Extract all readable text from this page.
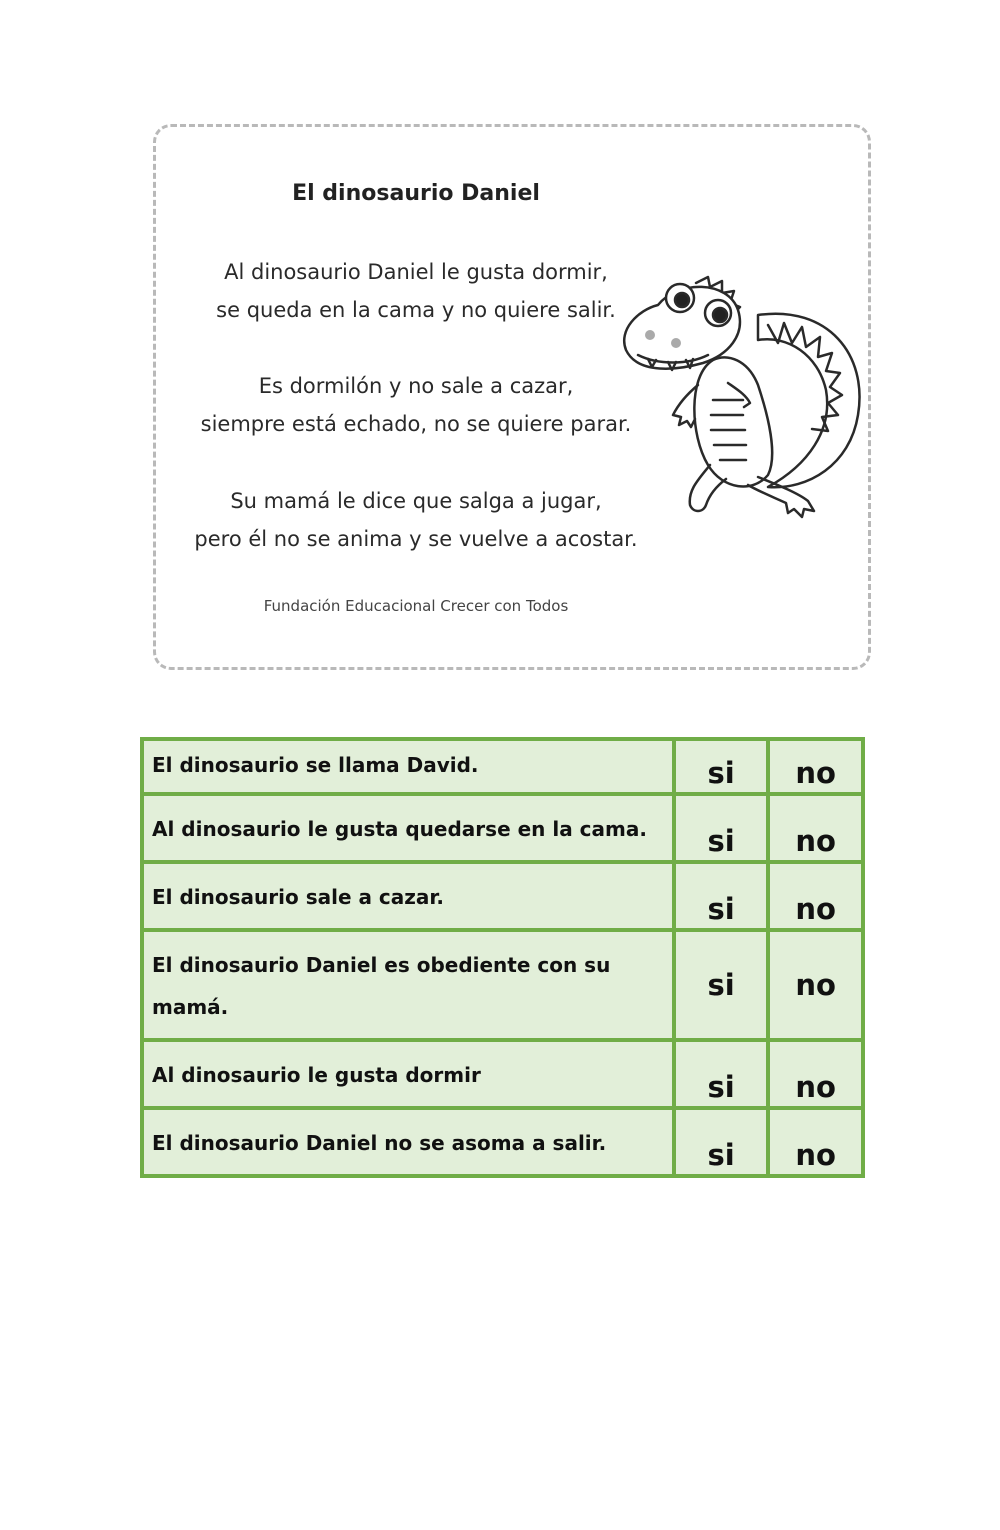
El dinosaurio Daniel

Al dinosaurio Daniel le gusta dormir,

se queda en la cama y no quiere salir.

Es dormilón y no sale a cazar,

siempre está echado, no se quiere parar.

Su mamá le dice que salga a jugar,

pero él no se anima y se vuelve a acostar.

Fundación Educacional Crecer con Todos
El dinosaurio se llama David.	si	no
Al dinosaurio le gusta quedarse en la cama.	si	no
El dinosaurio sale a cazar.	si	no
El dinosaurio Daniel es obediente con su mamá.	si	no
Al dinosaurio le gusta dormir	si	no
El dinosaurio Daniel no se asoma a salir.	si	no
